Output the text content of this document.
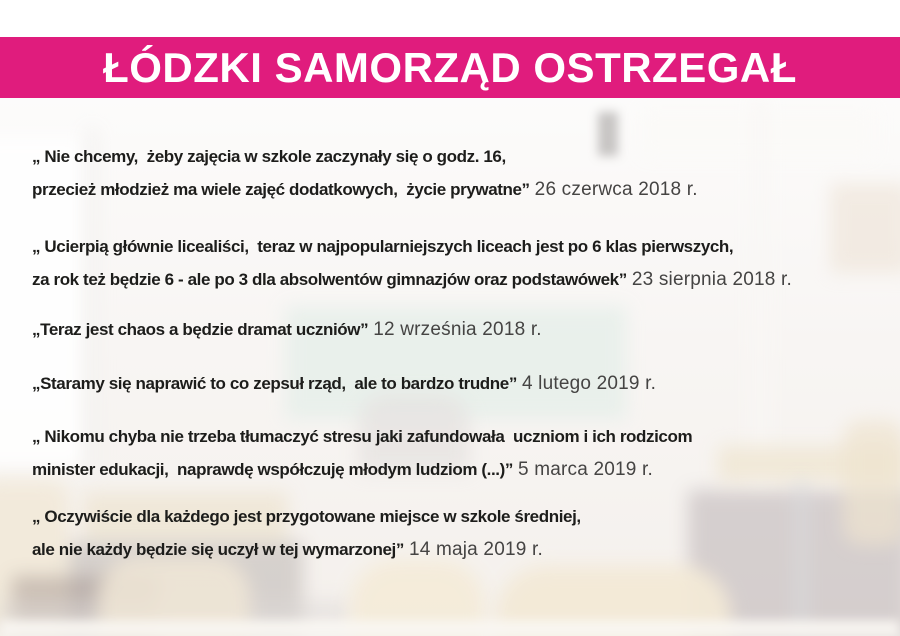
ŁÓDZKI SAMORZĄD OSTRZEGAŁ
„ Nie chcemy,  żeby zajęcia w szkole zaczynały się o godz. 16,
przecież młodzież ma wiele zajęć dodatkowych,  życie prywatne” 26 czerwca 2018 r.
„ Ucierpią głównie licealiści,  teraz w najpopularniejszych liceach jest po 6 klas pierwszych,
za rok też będzie 6 - ale po 3 dla absolwentów gimnazjów oraz podstawówek” 23 sierpnia 2018 r.
„Teraz jest chaos a będzie dramat uczniów” 12 września 2018 r.
„Staramy się naprawić to co zepsuł rząd,  ale to bardzo trudne” 4 lutego 2019 r.
„ Nikomu chyba nie trzeba tłumaczyć stresu jaki zafundowała  uczniom i ich rodzicom
minister edukacji,  naprawdę współczuję młodym ludziom (...)” 5 marca 2019 r.
„ Oczywiście dla każdego jest przygotowane miejsce w szkole średniej,
ale nie każdy będzie się uczył w tej wymarzonej” 14 maja 2019 r.
